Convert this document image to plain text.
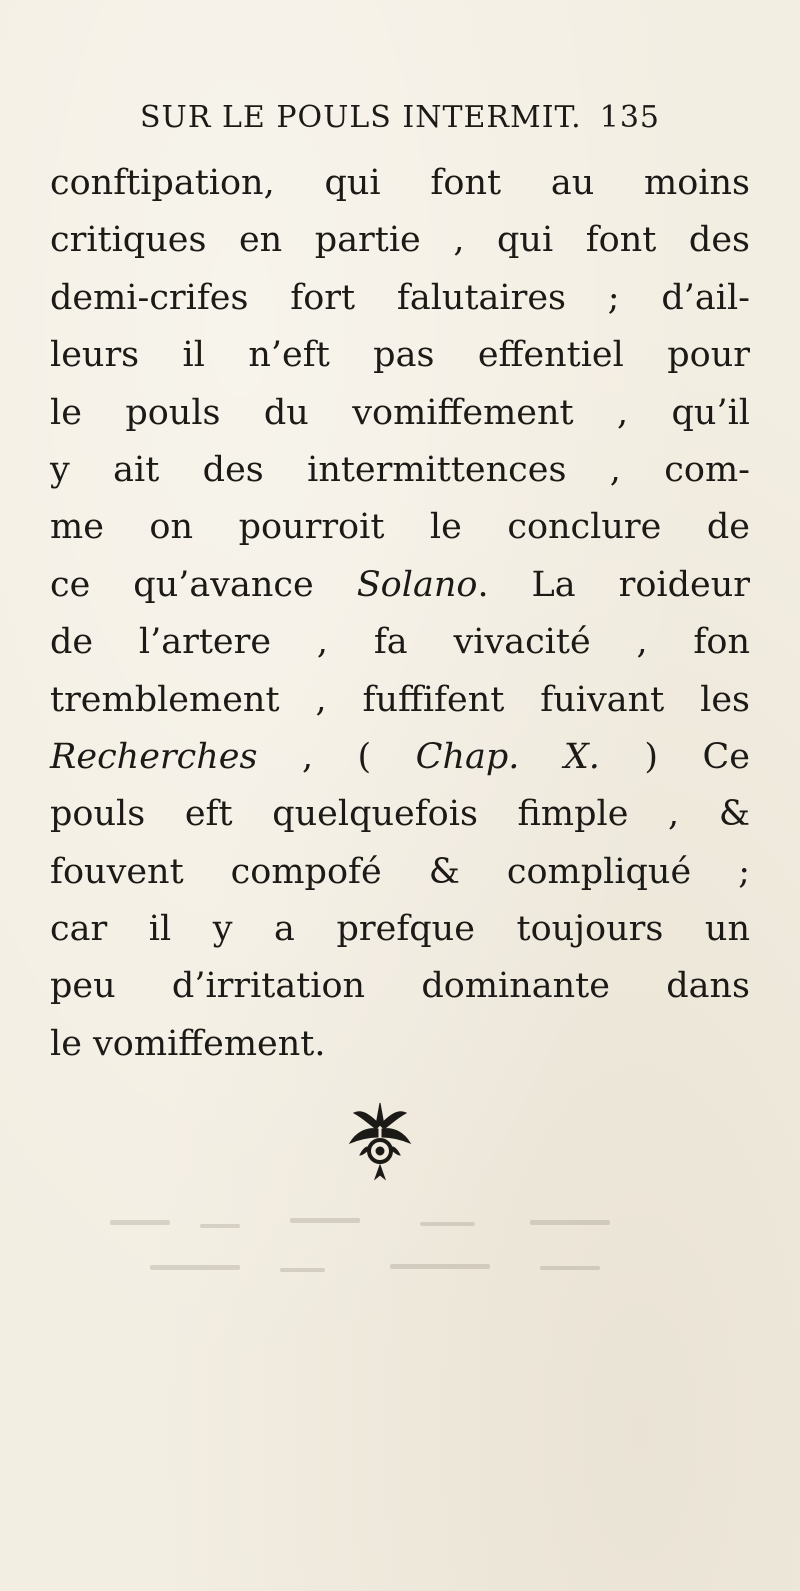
SUR LE POULS INTERMIT. 135
conftipation, qui font au moins
critiques en partie , qui font des
demi-crifes fort falutaires ; d’ail-
leurs il n’eft pas effentiel pour
le pouls du vomiffement , qu’il
y ait des intermittences , com-
me on pourroit le conclure de
ce qu’avance Solano. La roideur
de l’artere , fa vivacité , fon
tremblement , fuffifent fuivant les
Recherches , ( Chap. X. ) Ce
pouls eft quelquefois fimple , &
fouvent compofé & compliqué ;
car il y a prefque toujours un
peu d’irritation dominante dans
le vomiffement.
